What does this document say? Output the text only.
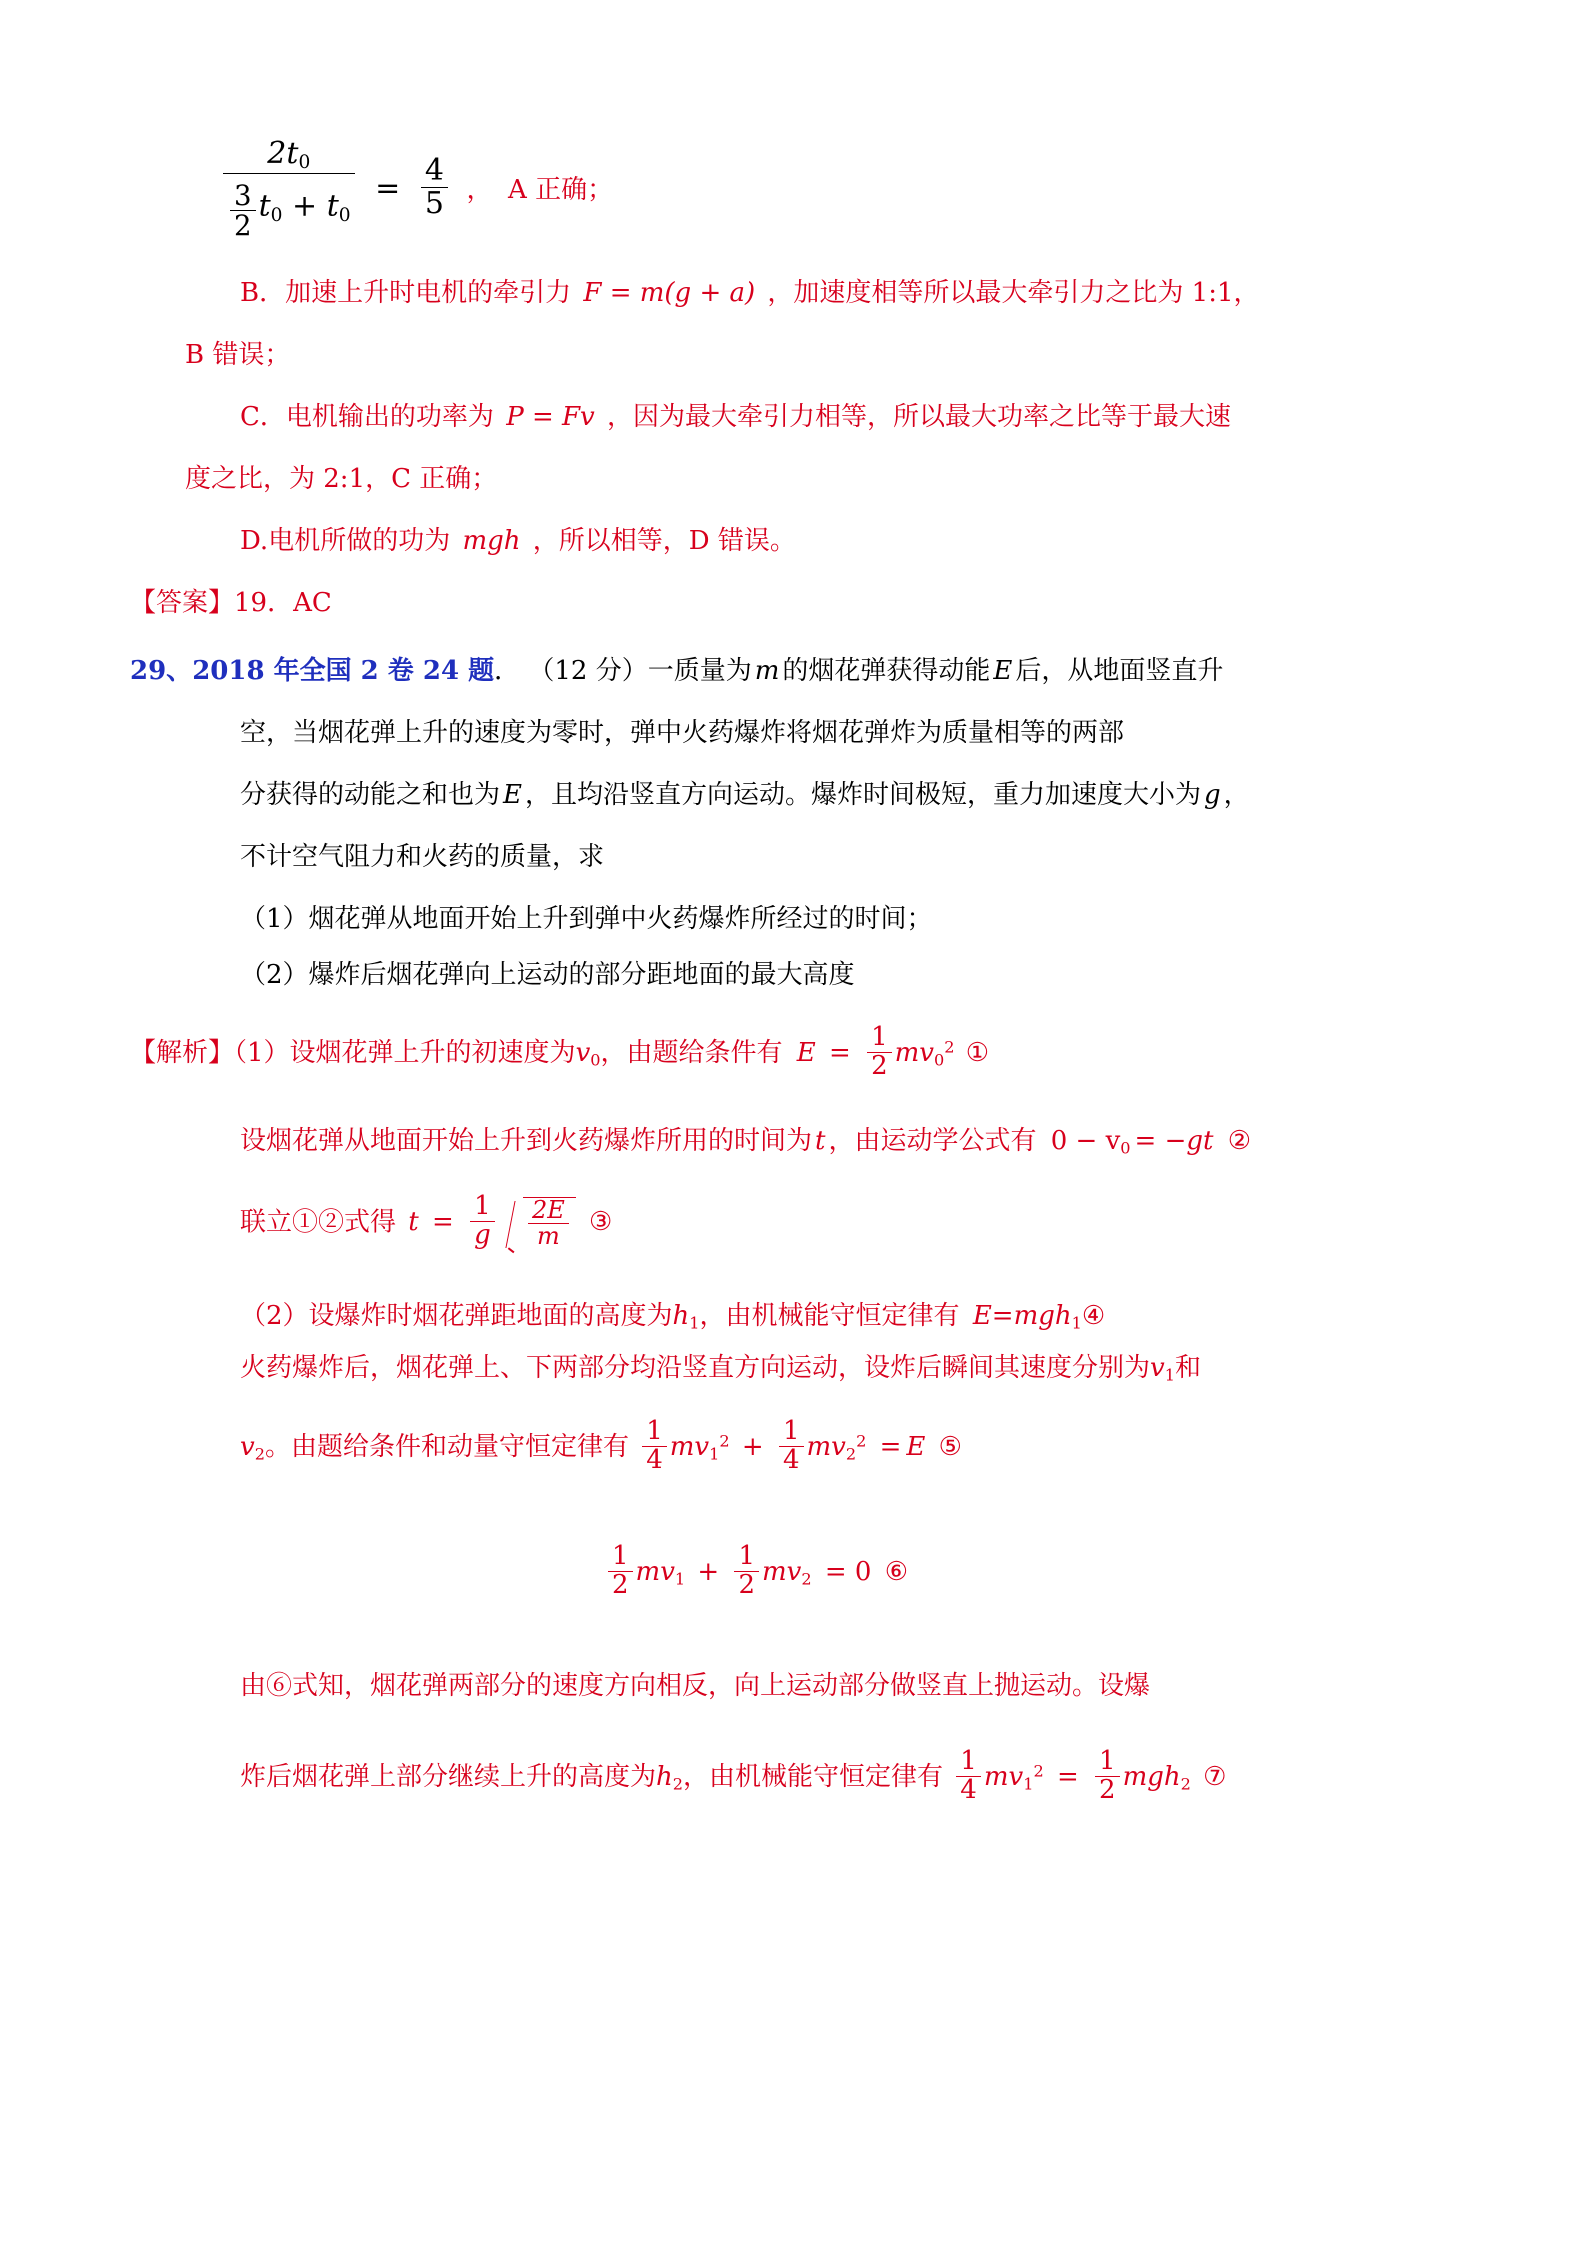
$\frac{2t_0}{\frac{3}{2} t_0 + t_0} = \frac{4}{5}$ ， A 正确；
B．加速上升时电机的牵引力 F = m(g + a) ，加速度相等所以最大牵引力之比为 1:1，
B 错误；
C．电机输出的功率为 P = Fv ，因为最大牵引力相等，所以最大功率之比等于最大速
度之比，为 2:1，C 正确；
D.电机所做的功为 mgh ，所以相等，D 错误。
【答案】19．AC
29、2018 年全国 2 卷 24 题． （12 分）一质量为 m 的烟花弹获得动能 E 后，从地面竖直升
空，当烟花弹上升的速度为零时，弹中火药爆炸将烟花弹炸为质量相等的两部
分获得的动能之和也为 E ，且均沿竖直方向运动。爆炸时间极短，重力加速度大小为 g ，
不计空气阻力和火药的质量，求
（1）烟花弹从地面开始上升到弹中火药爆炸所经过的时间；
（2）爆炸后烟花弹向上运动的部分距地面的最大高度
【解析】（1）设烟花弹上升的初速度为$v_0$，由题给条件有 $E = \frac{1}{2} mv_0^2$ ①
设烟花弹从地面开始上升到火药爆炸所用的时间为 t ，由运动学公式有 $0 - v_0 = -gt$ ②
联立①②式得 $t = \frac{1}{g}$
$\frac{2E}{m}$ ③
（2）设爆炸时烟花弹距地面的高度为$h_1$，由机械能守恒定律有 E=mgh$_1$④
火药爆炸后，烟花弹上、下两部分均沿竖直方向运动，设炸后瞬间其速度分别为$v_1$和
$v_2$。由题给条件和动量守恒定律有 $\frac{1}{4} mv_1^2 + \frac{1}{4} mv_2^2 = E$ ⑤
$\frac{1}{2} mv_1 + \frac{1}{2} mv_2 = 0$ ⑥
由⑥式知，烟花弹两部分的速度方向相反，向上运动部分做竖直上抛运动。设爆
炸后烟花弹上部分继续上升的高度为$h_2$，由机械能守恒定律有 $\frac{1}{4} mv_1^2 = \frac{1}{2} mgh_2$ ⑦
